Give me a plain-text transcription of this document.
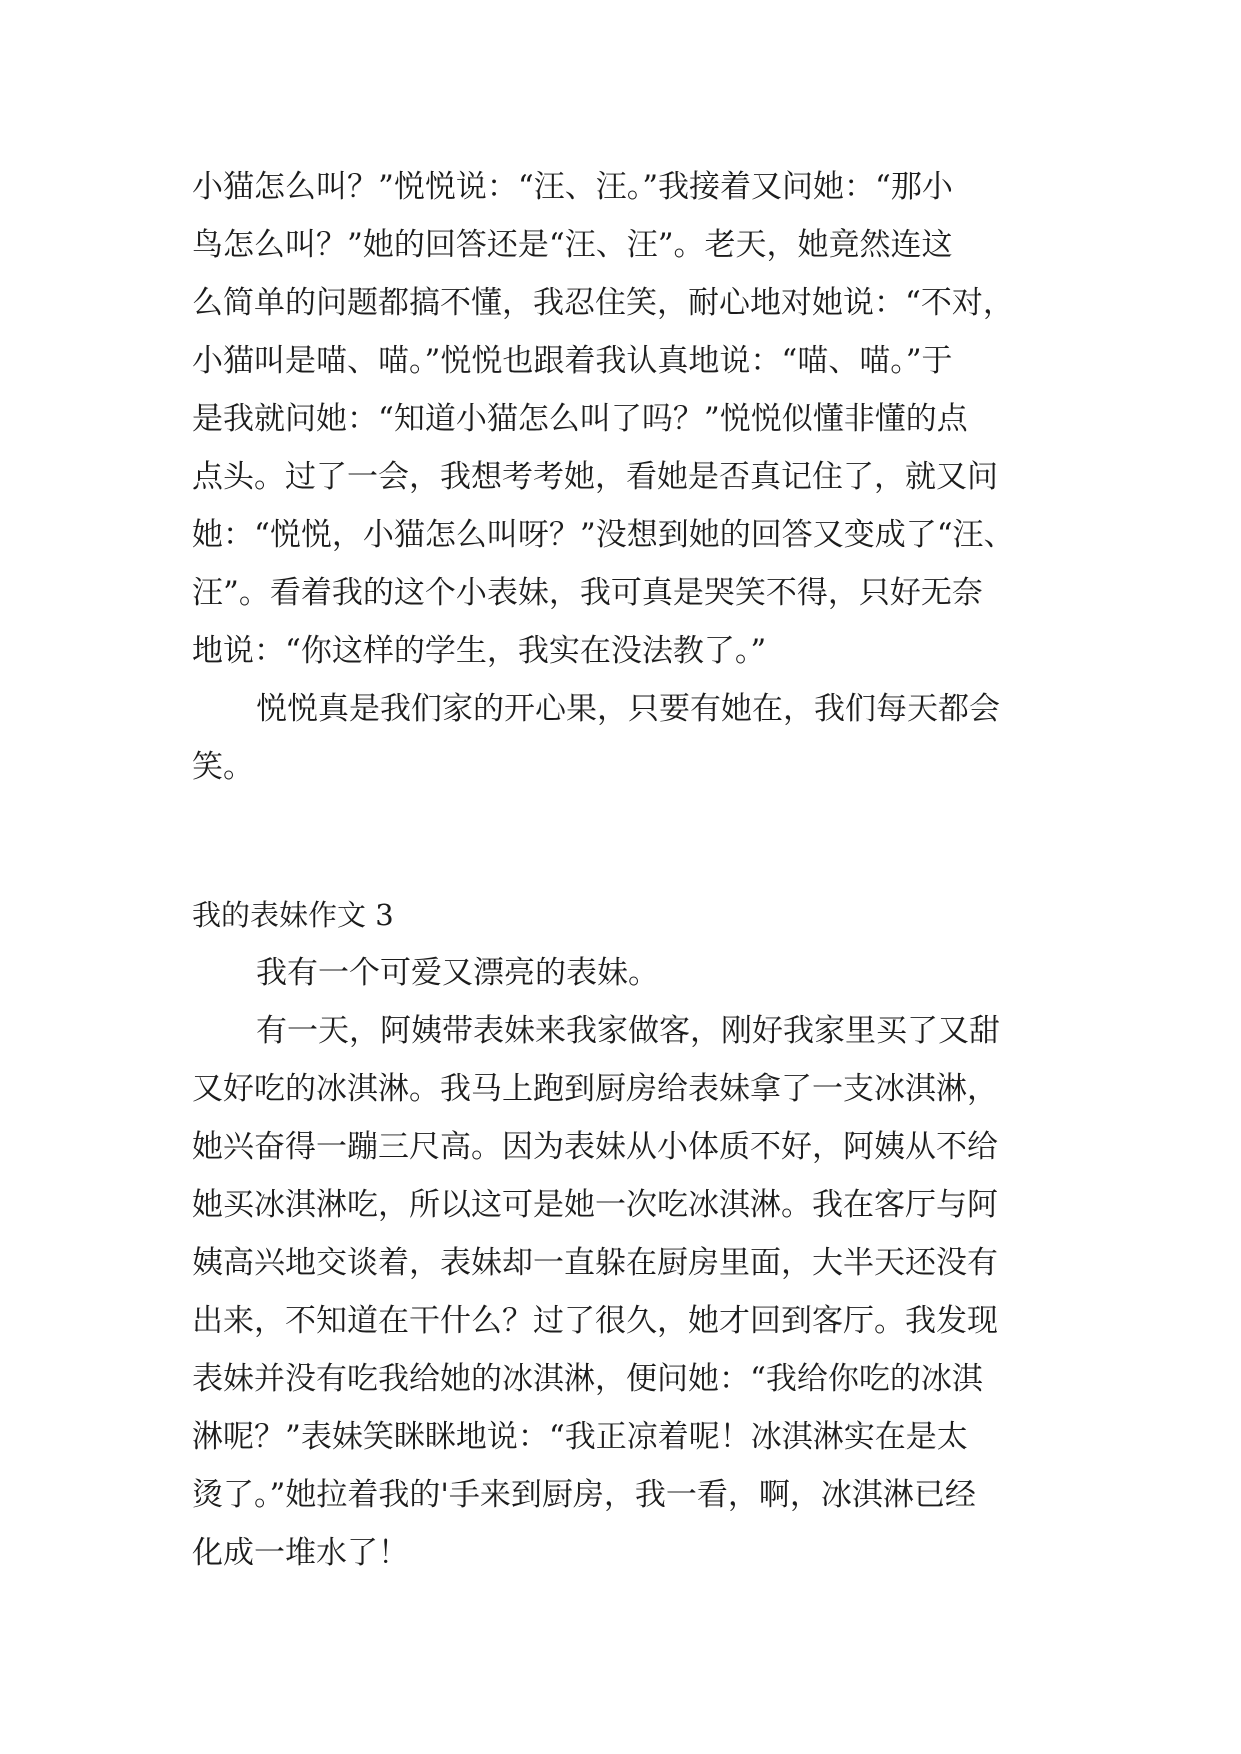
小猫怎么叫？”悦悦说：“汪、汪。”我接着又问她：“那小
鸟怎么叫？”她的回答还是“汪、汪”。老天，她竟然连这
么简单的问题都搞不懂，我忍住笑，耐心地对她说：“不对，
小猫叫是喵、喵。”悦悦也跟着我认真地说：“喵、喵。”于
是我就问她：“知道小猫怎么叫了吗？”悦悦似懂非懂的点
点头。过了一会，我想考考她，看她是否真记住了，就又问
她：“悦悦，小猫怎么叫呀？”没想到她的回答又变成了“汪、
汪”。看着我的这个小表妹，我可真是哭笑不得，只好无奈
地说：“你这样的学生，我实在没法教了。”
悦悦真是我们家的开心果，只要有她在，我们每天都会
笑。
我的表妹作文 3
我有一个可爱又漂亮的表妹。
有一天，阿姨带表妹来我家做客，刚好我家里买了又甜
又好吃的冰淇淋。我马上跑到厨房给表妹拿了一支冰淇淋，
她兴奋得一蹦三尺高。因为表妹从小体质不好，阿姨从不给
她买冰淇淋吃，所以这可是她一次吃冰淇淋。我在客厅与阿
姨高兴地交谈着，表妹却一直躲在厨房里面，大半天还没有
出来，不知道在干什么？过了很久，她才回到客厅。我发现
表妹并没有吃我给她的冰淇淋，便问她：“我给你吃的冰淇
淋呢？”表妹笑眯眯地说：“我正凉着呢！冰淇淋实在是太
烫了。”她拉着我的'手来到厨房，我一看，啊，冰淇淋已经
化成一堆水了！
